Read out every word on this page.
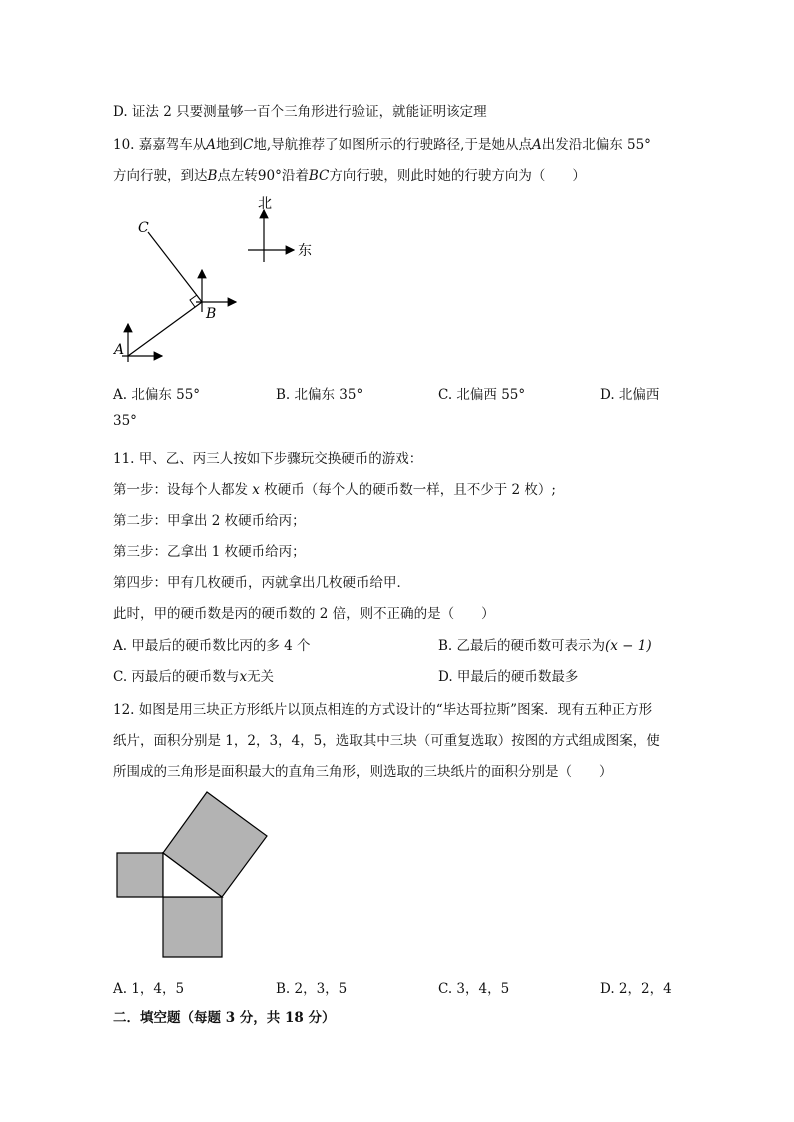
D. 证法 2 只要测量够一百个三角形进行验证，就能证明该定理
10. 嘉嘉驾车从A地到C地,导航推荐了如图所示的行驶路径,于是她从点A出发沿北偏东 55°
方向行驶，到达B点左转90°沿着BC方向行驶，则此时她的行驶方向为（　　）
北
东
C
B
A
A. 北偏东 55°	B. 北偏东 35°	C. 北偏西 55°	D. 北偏西
35°
11. 甲、乙、丙三人按如下步骤玩交换硬币的游戏：
第一步：设每个人都发 x 枚硬币（每个人的硬币数一样，且不少于 2 枚）;
第二步：甲拿出 2 枚硬币给丙；
第三步：乙拿出 1 枚硬币给丙；
第四步：甲有几枚硬币，丙就拿出几枚硬币给甲．
此时，甲的硬币数是丙的硬币数的 2 倍，则不正确的是（　　）
A. 甲最后的硬币数比丙的多 4 个	B. 乙最后的硬币数可表示为(x − 1)
C. 丙最后的硬币数与x无关	D. 甲最后的硬币数最多
12. 如图是用三块正方形纸片以顶点相连的方式设计的“毕达哥拉斯”图案．现有五种正方形
纸片，面积分别是 1，2，3，4，5，选取其中三块（可重复选取）按图的方式组成图案，使
所围成的三角形是面积最大的直角三角形，则选取的三块纸片的面积分别是（　　）
A. 1，4，5	B. 2，3，5	C. 3，4，5	D. 2，2，4
二．填空题（每题 3 分，共 18 分）
